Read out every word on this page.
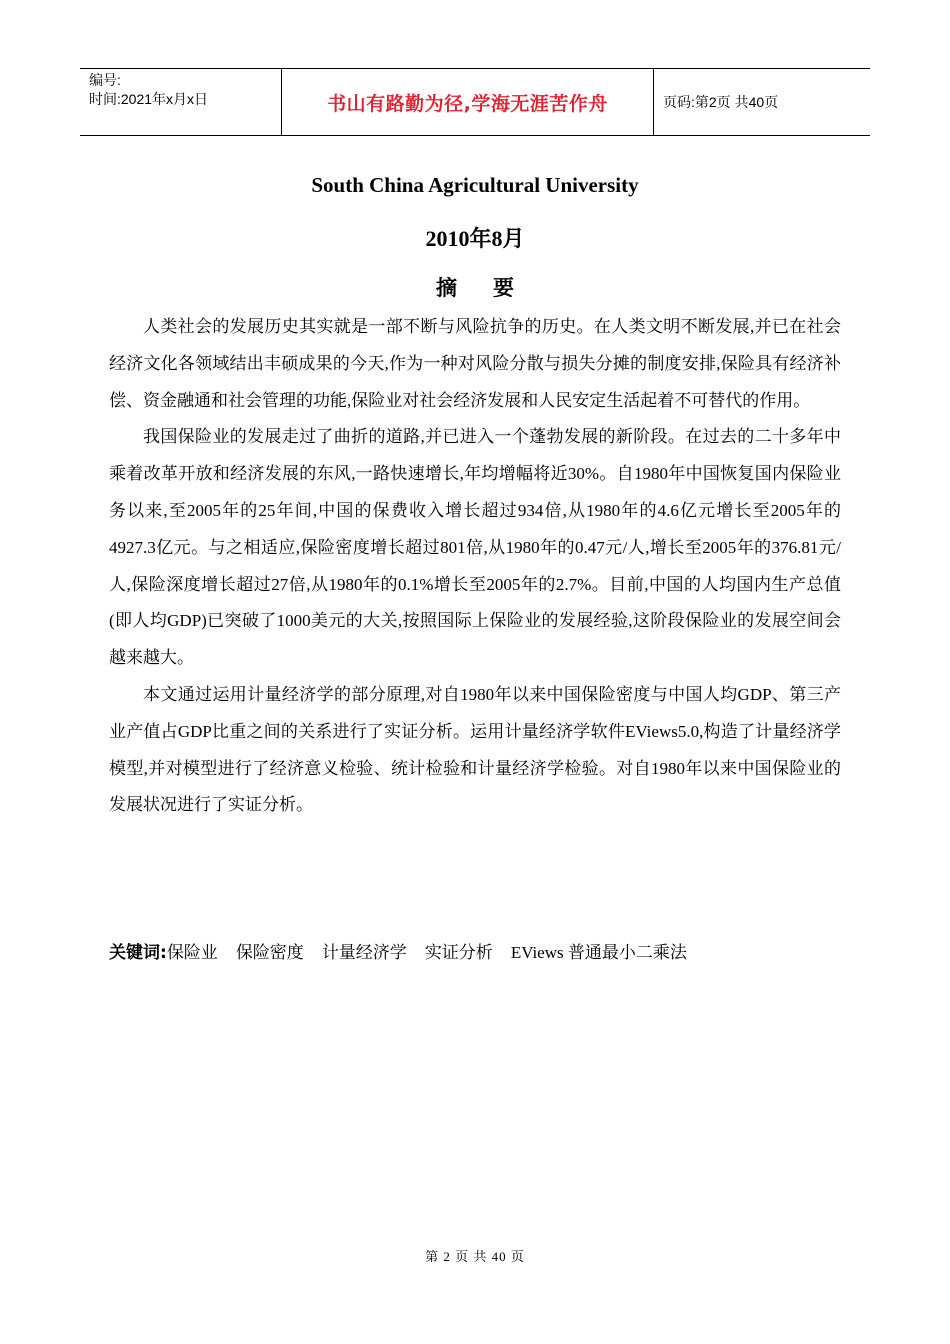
编号:
时间:2021年x月x日	书山有路勤为径,学海无涯苦作舟	页码:第2页 共40页
South China Agricultural University
2010年8月
摘要

人类社会的发展历史其实就是一部不断与风险抗争的历史。在人类文明不断发展,并已在社会经济文化各领域结出丰硕成果的今天,作为一种对风险分散与损失分摊的制度安排,保险具有经济补偿、资金融通和社会管理的功能,保险业对社会经济发展和人民安定生活起着不可替代的作用。

我国保险业的发展走过了曲折的道路,并已进入一个蓬勃发展的新阶段。在过去的二十多年中乘着改革开放和经济发展的东风,一路快速增长,年均增幅将近30%。自1980年中国恢复国内保险业务以来,至2005年的25年间,中国的保费收入增长超过934倍,从1980年的4.6亿元增长至2005年的4927.3亿元。与之相适应,保险密度增长超过801倍,从1980年的0.47元/人,增长至2005年的376.81元/人,保险深度增长超过27倍,从1980年的0.1%增长至2005年的2.7%。目前,中国的人均国内生产总值(即人均GDP)已突破了1000美元的大关,按照国际上保险业的发展经验,这阶段保险业的发展空间会越来越大。

本文通过运用计量经济学的部分原理,对自1980年以来中国保险密度与中国人均GDP、第三产业产值占GDP比重之间的关系进行了实证分析。运用计量经济学软件EViews5.0,构造了计量经济学模型,并对模型进行了经济意义检验、统计检验和计量经济学检验。对自1980年以来中国保险业的发展状况进行了实证分析。

关键词:保险业 保险密度 计量经济学 实证分析 EViews 普通最小二乘法
第 2 页 共 40 页
